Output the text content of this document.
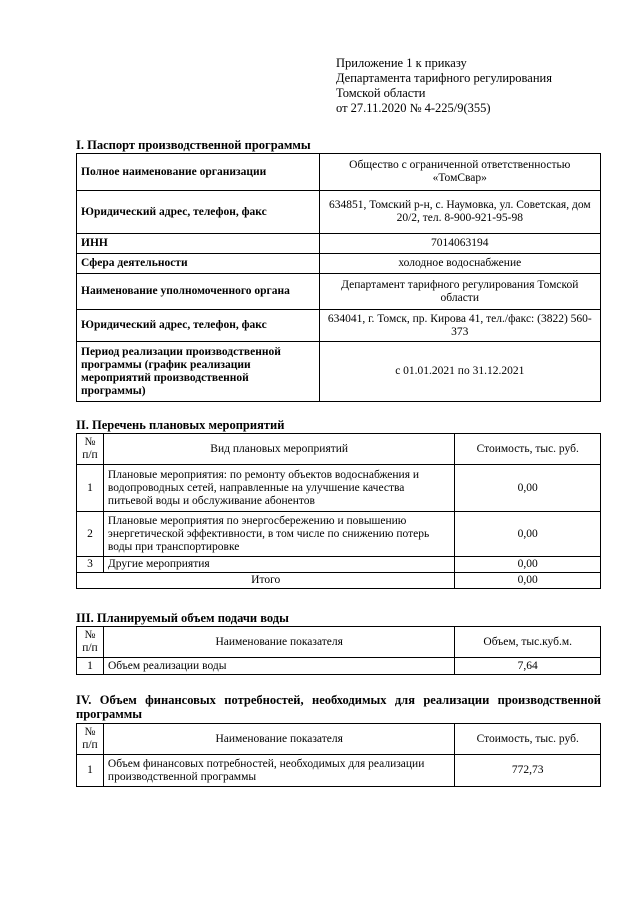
Приложение 1 к приказу
Департамента тарифного регулирования
Томской области
от 27.11.2020 № 4-225/9(355)
I. Паспорт производственной программы
Полное наименование организации	Общество с ограниченной ответственностью «ТомСвар»
Юридический адрес, телефон, факс	634851, Томский р-н, с. Наумовка, ул. Советская, дом 20/2, тел. 8-900-921-95-98
ИНН	7014063194
Сфера деятельности	холодное водоснабжение
Наименование уполномоченного органа	Департамент тарифного регулирования Томской области
Юридический адрес, телефон, факс	634041, г. Томск, пр. Кирова 41, тел./факс: (3822) 560-373
Период реализации производственной программы (график реализации мероприятий производственной программы)	с 01.01.2021 по 31.12.2021
II. Перечень плановых мероприятий
№ п/п	Вид плановых мероприятий	Стоимость, тыс. руб.
1	Плановые мероприятия: по ремонту объектов водоснабжения и водопроводных сетей, направленные на улучшение качества питьевой воды и обслуживание абонентов	0,00
2	Плановые мероприятия по энергосбережению и повышению энергетической эффективности, в том числе по снижению потерь воды при транспортировке	0,00
3	Другие мероприятия	0,00
Итого		0,00
III. Планируемый объем подачи воды
№ п/п	Наименование показателя	Объем, тыс.куб.м.
1	Объем реализации воды	7,64
IV. Объем финансовых потребностей, необходимых для реализации производственной программы
№ п/п	Наименование показателя	Стоимость, тыс. руб.
1	Объем финансовых потребностей, необходимых для реализации производственной программы	772,73
